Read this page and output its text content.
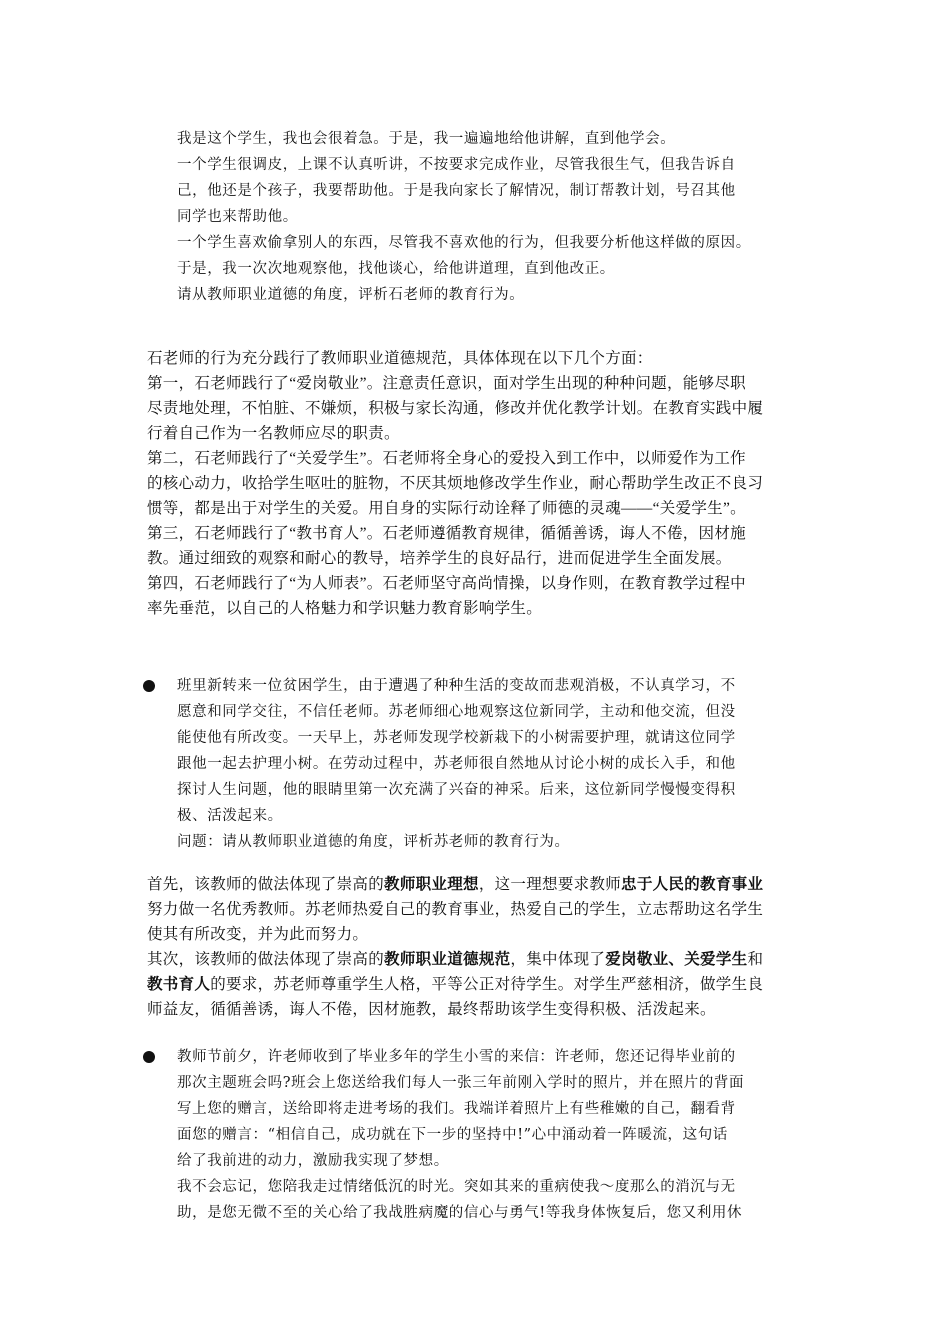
我是这个学生，我也会很着急。于是，我一遍遍地给他讲解，直到他学会。
一个学生很调皮，上课不认真听讲，不按要求完成作业，尽管我很生气，但我告诉自
己，他还是个孩子，我要帮助他。于是我向家长了解情况，制订帮教计划，号召其他
同学也来帮助他。
一个学生喜欢偷拿别人的东西，尽管我不喜欢他的行为，但我要分析他这样做的原因。
于是，我一次次地观察他，找他谈心，给他讲道理，直到他改正。
请从教师职业道德的角度，评析石老师的教育行为。
石老师的行为充分践行了教师职业道德规范，具体体现在以下几个方面：
第一，石老师践行了“爱岗敬业”。注意责任意识，面对学生出现的种种问题，能够尽职
尽责地处理，不怕脏、不嫌烦，积极与家长沟通，修改并优化教学计划。在教育实践中履
行着自己作为一名教师应尽的职责。
第二，石老师践行了“关爱学生”。石老师将全身心的爱投入到工作中，以师爱作为工作
的核心动力，收拾学生呕吐的脏物，不厌其烦地修改学生作业，耐心帮助学生改正不良习
惯等，都是出于对学生的关爱。用自身的实际行动诠释了师德的灵魂——“关爱学生”。
第三，石老师践行了“教书育人”。石老师遵循教育规律，循循善诱，诲人不倦，因材施
教。通过细致的观察和耐心的教导，培养学生的良好品行，进而促进学生全面发展。
第四，石老师践行了“为人师表”。石老师坚守高尚情操，以身作则，在教育教学过程中
率先垂范，以自己的人格魅力和学识魅力教育影响学生。
班里新转来一位贫困学生，由于遭遇了种种生活的变故而悲观消极，不认真学习，不
愿意和同学交往，不信任老师。苏老师细心地观察这位新同学，主动和他交流，但没
能使他有所改变。一天早上，苏老师发现学校新栽下的小树需要护理，就请这位同学
跟他一起去护理小树。在劳动过程中，苏老师很自然地从讨论小树的成长入手，和他
探讨人生问题，他的眼睛里第一次充满了兴奋的神采。后来，这位新同学慢慢变得积
极、活泼起来。
问题：请从教师职业道德的角度，评析苏老师的教育行为。
首先，该教师的做法体现了崇高的教师职业理想，这一理想要求教师忠于人民的教育事业
努力做一名优秀教师。苏老师热爱自己的教育事业，热爱自己的学生，立志帮助这名学生
使其有所改变，并为此而努力。
其次，该教师的做法体现了崇高的教师职业道德规范，集中体现了爱岗敬业、关爱学生和
教书育人的要求，苏老师尊重学生人格，平等公正对待学生。对学生严慈相济，做学生良
师益友，循循善诱，诲人不倦，因材施教，最终帮助该学生变得积极、活泼起来。
教师节前夕，许老师收到了毕业多年的学生小雪的来信：许老师，您还记得毕业前的
那次主题班会吗?班会上您送给我们每人一张三年前刚入学时的照片，并在照片的背面
写上您的赠言，送给即将走进考场的我们。我端详着照片上有些稚嫩的自己，翻看背
面您的赠言：“相信自己，成功就在下一步的坚持中!”心中涌动着一阵暖流，这句话
给了我前进的动力，激励我实现了梦想。
我不会忘记，您陪我走过情绪低沉的时光。突如其来的重病使我～度那么的消沉与无
助，是您无微不至的关心给了我战胜病魔的信心与勇气!等我身体恢复后，您又利用休
